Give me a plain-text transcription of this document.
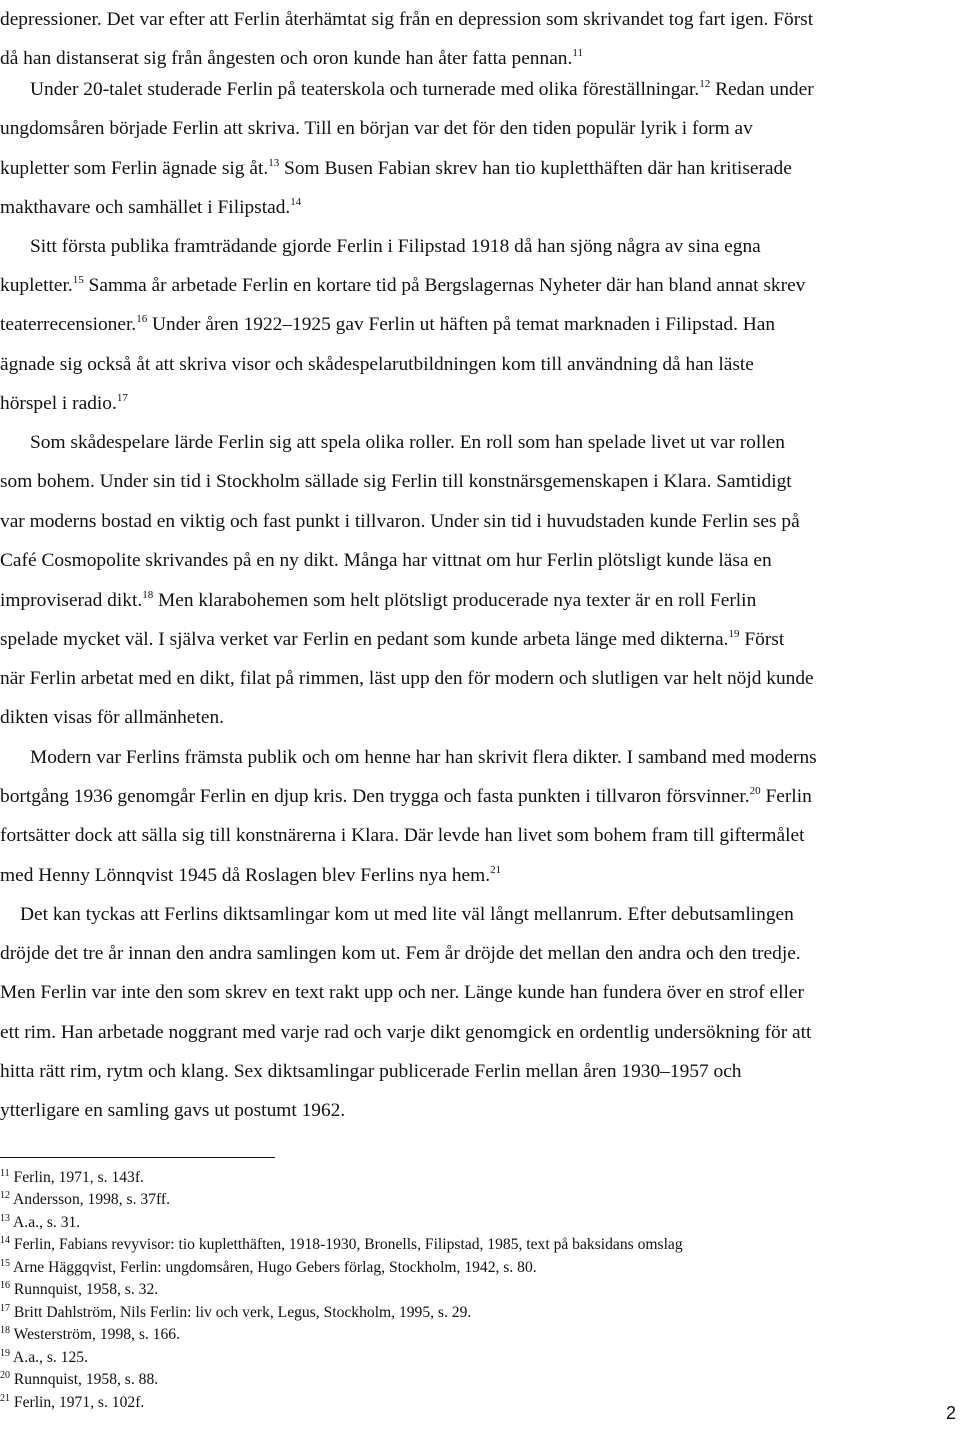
depressioner. Det var efter att Ferlin återhämtat sig från en depression som skrivandet tog fart igen. Först
då han distanserat sig från ångesten och oron kunde han åter fatta pennan.$^{11}$
Under 20-talet studerade Ferlin på teaterskola och turnerade med olika föreställningar.$^{12}$ Redan under
ungdomsåren började Ferlin att skriva. Till en början var det för den tiden populär lyrik i form av
kupletter som Ferlin ägnade sig åt.$^{13}$ Som Busen Fabian skrev han tio kupletthäften där han kritiserade
makthavare och samhället i Filipstad.$^{14}$
Sitt första publika framträdande gjorde Ferlin i Filipstad 1918 då han sjöng några av sina egna
kupletter.$^{15}$ Samma år arbetade Ferlin en kortare tid på Bergslagernas Nyheter där han bland annat skrev
teaterrecensioner.$^{16}$ Under åren 1922–1925 gav Ferlin ut häften på temat marknaden i Filipstad. Han
ägnade sig också åt att skriva visor och skådespelarutbildningen kom till användning då han läste
hörspel i radio.$^{17}$
Som skådespelare lärde Ferlin sig att spela olika roller. En roll som han spelade livet ut var rollen
som bohem. Under sin tid i Stockholm sällade sig Ferlin till konstnärsgemenskapen i Klara. Samtidigt
var moderns bostad en viktig och fast punkt i tillvaron. Under sin tid i huvudstaden kunde Ferlin ses på
Café Cosmopolite skrivandes på en ny dikt. Många har vittnat om hur Ferlin plötsligt kunde läsa en
improviserad dikt.$^{18}$ Men klarabohemen som helt plötsligt producerade nya texter är en roll Ferlin
spelade mycket väl. I själva verket var Ferlin en pedant som kunde arbeta länge med dikterna.$^{19}$ Först
när Ferlin arbetat med en dikt, filat på rimmen, läst upp den för modern och slutligen var helt nöjd kunde
dikten visas för allmänheten.
Modern var Ferlins främsta publik och om henne har han skrivit flera dikter. I samband med moderns
bortgång 1936 genomgår Ferlin en djup kris. Den trygga och fasta punkten i tillvaron försvinner.$^{20}$ Ferlin
fortsätter dock att sälla sig till konstnärerna i Klara. Där levde han livet som bohem fram till giftermålet
med Henny Lönnqvist 1945 då Roslagen blev Ferlins nya hem.$^{21}$
Det kan tyckas att Ferlins diktsamlingar kom ut med lite väl långt mellanrum. Efter debutsamlingen
dröjde det tre år innan den andra samlingen kom ut. Fem år dröjde det mellan den andra och den tredje.
Men Ferlin var inte den som skrev en text rakt upp och ner. Länge kunde han fundera över en strof eller
ett rim. Han arbetade noggrant med varje rad och varje dikt genomgick en ordentlig undersökning för att
hitta rätt rim, rytm och klang. Sex diktsamlingar publicerade Ferlin mellan åren 1930–1957 och
ytterligare en samling gavs ut postumt 1962.
$^{11}$ Ferlin, 1971, s. 143f.
$^{12}$ Andersson, 1998, s. 37ff.
$^{13}$ A.a., s. 31.
$^{14}$ Ferlin, Fabians revyvisor: tio kupletthäften, 1918-1930, Bronells, Filipstad, 1985, text på baksidans omslag
$^{15}$ Arne Häggqvist, Ferlin: ungdomsåren, Hugo Gebers förlag, Stockholm, 1942, s. 80.
$^{16}$ Runnquist, 1958, s. 32.
$^{17}$ Britt Dahlström, Nils Ferlin: liv och verk, Legus, Stockholm, 1995, s. 29.
$^{18}$ Westerström, 1998, s. 166.
$^{19}$ A.a., s. 125.
$^{20}$ Runnquist, 1958, s. 88.
$^{21}$ Ferlin, 1971, s. 102f.
2
